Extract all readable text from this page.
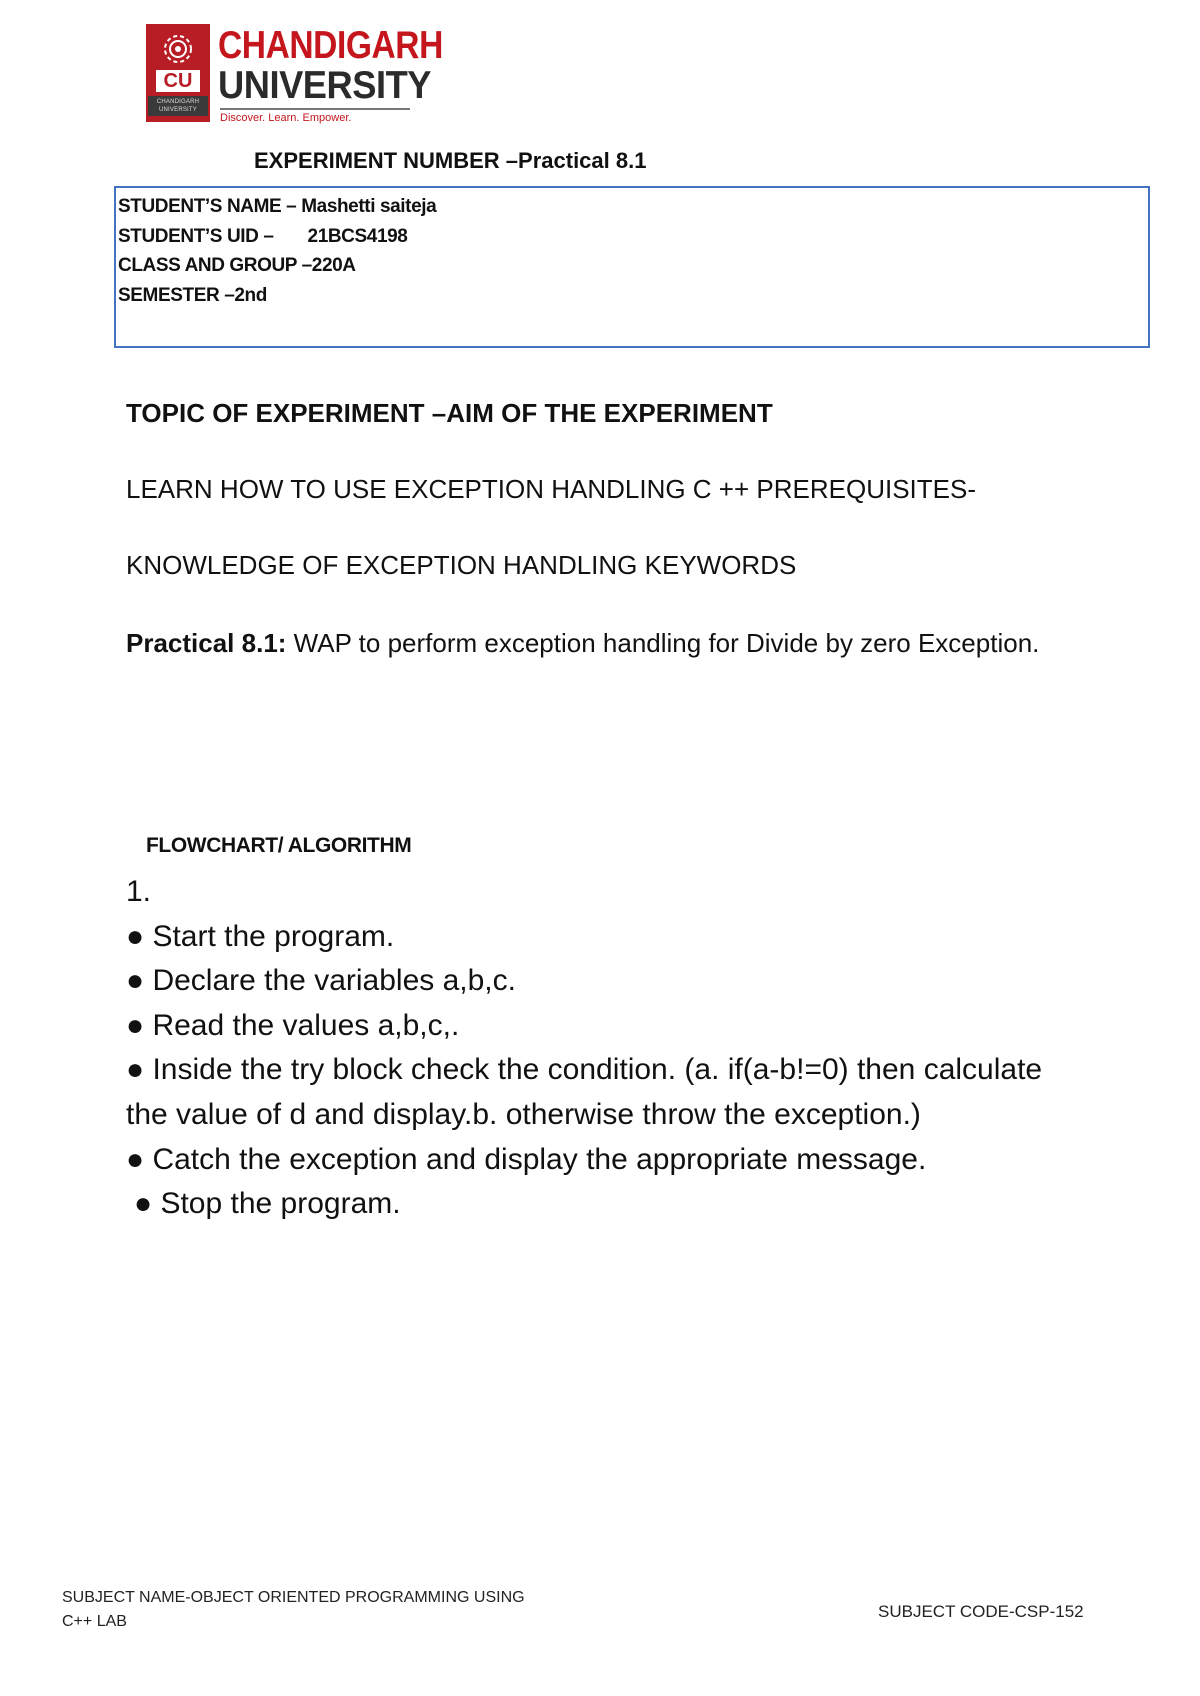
CU
CHANDIGARH UNIVERSITY
CHANDIGARH
UNIVERSITY
Discover. Learn. Empower.
EXPERIMENT NUMBER –Practical 8.1
STUDENT’S NAME – Mashetti saiteja
STUDENT’S UID – 21BCS4198
CLASS AND GROUP –220A
SEMESTER –2nd
TOPIC OF EXPERIMENT –AIM OF THE EXPERIMENT
LEARN HOW TO USE EXCEPTION HANDLING C ++ PREREQUISITES-
KNOWLEDGE OF EXCEPTION HANDLING KEYWORDS
Practical 8.1: WAP to perform exception handling for Divide by zero Exception.
FLOWCHART/ ALGORITHM
1.
● Start the program.
● Declare the variables a,b,c.
● Read the values a,b,c,.
● Inside the try block check the condition. (a. if(a-b!=0) then calculate the value of d and display.b. otherwise throw the exception.)
● Catch the exception and display the appropriate message.
● Stop the program.
SUBJECT NAME-OBJECT ORIENTED PROGRAMMING USING
C++ LAB
SUBJECT CODE-CSP-152
